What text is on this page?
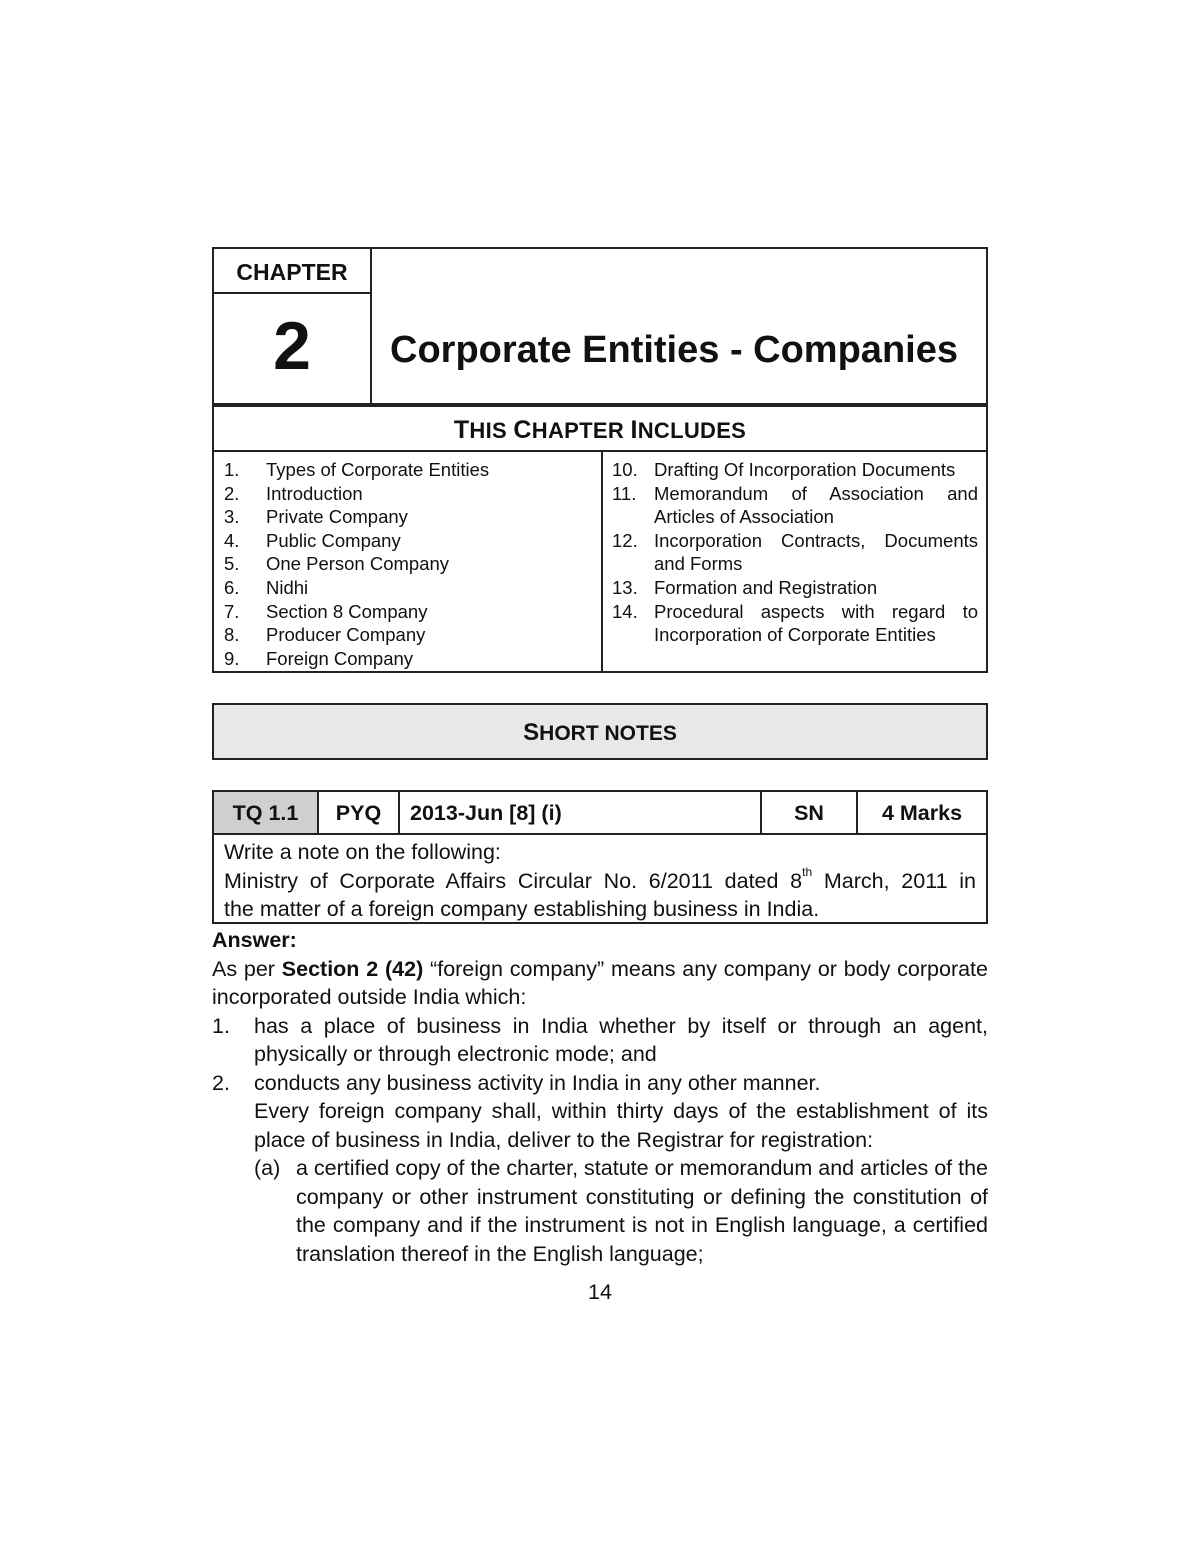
CHAPTER
2	Corporate Entities - Companies
THIS CHAPTER INCLUDES
1.	Types of Corporate Entities
2.	Introduction
3.	Private Company
4.	Public Company
5.	One Person Company
6.	Nidhi
7.	Section 8 Company
8.	Producer Company
9.	Foreign Company
10. Drafting Of Incorporation Documents
11. Memorandum of Association and Articles of Association
12. Incorporation Contracts, Documents and Forms
13. Formation and Registration
14. Procedural aspects with regard to Incorporation of Corporate Entities
SHORT NOTES
TQ 1.1	PYQ	2013-Jun [8] (i)	SN	4 Marks
Write a note on the following:
Ministry of Corporate Affairs Circular No. 6/2011 dated 8th March, 2011 in
the matter of a foreign company establishing business in India.
Answer:
As per Section 2 (42) “foreign company” means any company or body corporate incorporated outside India which:
1.	has a place of business in India whether by itself or through an agent, physically or through electronic mode; and
2.	conducts any business activity in India in any other manner.
Every foreign company shall, within thirty days of the establishment of its place of business in India, deliver to the Registrar for registration:
(a) a certified copy of the charter, statute or memorandum and articles of the company or other instrument constituting or defining the constitution of the company and if the instrument is not in English language, a certified translation thereof in the English language;
14
